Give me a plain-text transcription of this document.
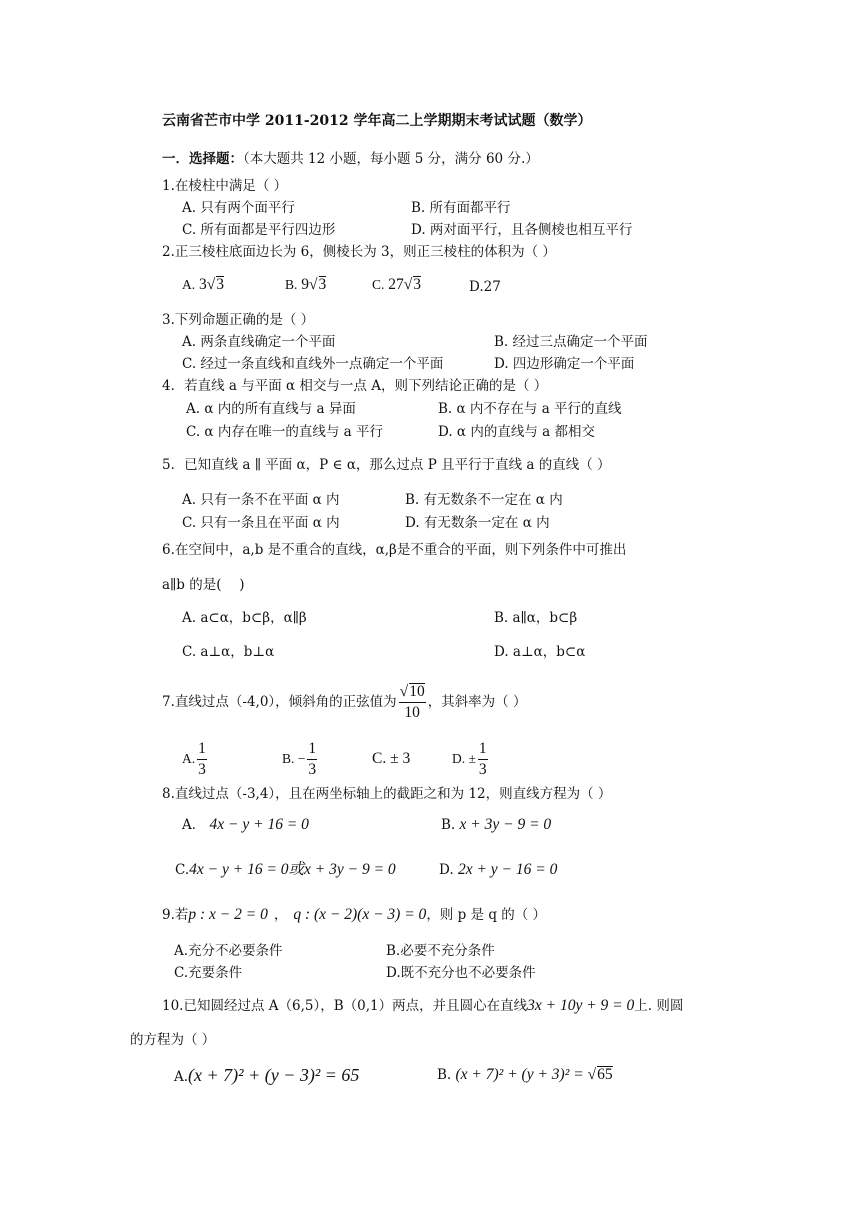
云南省芒市中学 2011-2012 学年高二上学期期末考试试题（数学）
一．选择题：（本大题共 12 小题，每小题 5 分，满分 60 分.）
1.在棱柱中满足（ ）
A. 只有两个面平行	B. 所有面都平行
C. 所有面都是平行四边形	D. 两对面平行，且各侧棱也相互平行
2.正三棱柱底面边长为 6，侧棱长为 3，则正三棱柱的体积为（ ）
A. 3√3	B. 9√3	C. 27√3	D.27
3.下列命题正确的是（ ）
A. 两条直线确定一个平面	B. 经过三点确定一个平面
C. 经过一条直线和直线外一点确定一个平面	D. 四边形确定一个平面
4．若直线 a 与平面 α 相交与一点 A，则下列结论正确的是（ ）
A. α 内的所有直线与 a 异面	B. α 内不存在与 a 平行的直线
C. α 内存在唯一的直线与 a 平行	D. α 内的直线与 a 都相交
5．已知直线 a ∥ 平面 α，P ∈ α，那么过点 P 且平行于直线 a 的直线（ ）
A. 只有一条不在平面 α 内	B. 有无数条不一定在 α 内
C. 只有一条且在平面 α 内	D. 有无数条一定在 α 内
6.在空间中，a,b 是不重合的直线，α,β是不重合的平面，则下列条件中可推出
a∥b 的是(　 )
A. a⊂α，b⊂β，α∥β	B. a∥α，b⊂β
C. a⊥α，b⊥α	D. a⊥α，b⊂α
7.直线过点（-4,0），倾斜角的正弦值为 $\frac{√10}{10}$ ，其斜率为（ ）
A. $\frac{1}{3}$	B. − $\frac{1}{3}$	C. ± 3	D. ± $\frac{1}{3}$
8.直线过点（-3,4），且在两坐标轴上的截距之和为 12，则直线方程为（ ）
A． 4x − y + 16 = 0	B. x + 3y − 9 = 0
C.4x − y + 16 = 0或x + 3y − 9 = 0	D. 2x + y − 16 = 0
9.若p : x − 2 = 0 ， q : (x − 2)(x − 3) = 0，则 p 是 q 的（ ）
A.充分不必要条件	B.必要不充分条件
C.充要条件	D.既不充分也不必要条件
10.已知圆经过点 A（6,5），B（0,1）两点，并且圆心在直线3x + 10y + 9 = 0上. 则圆
的方程为（ ）
A.(x + 7)² + (y − 3)² = 65	B. (x + 7)² + (y + 3)² = √65
